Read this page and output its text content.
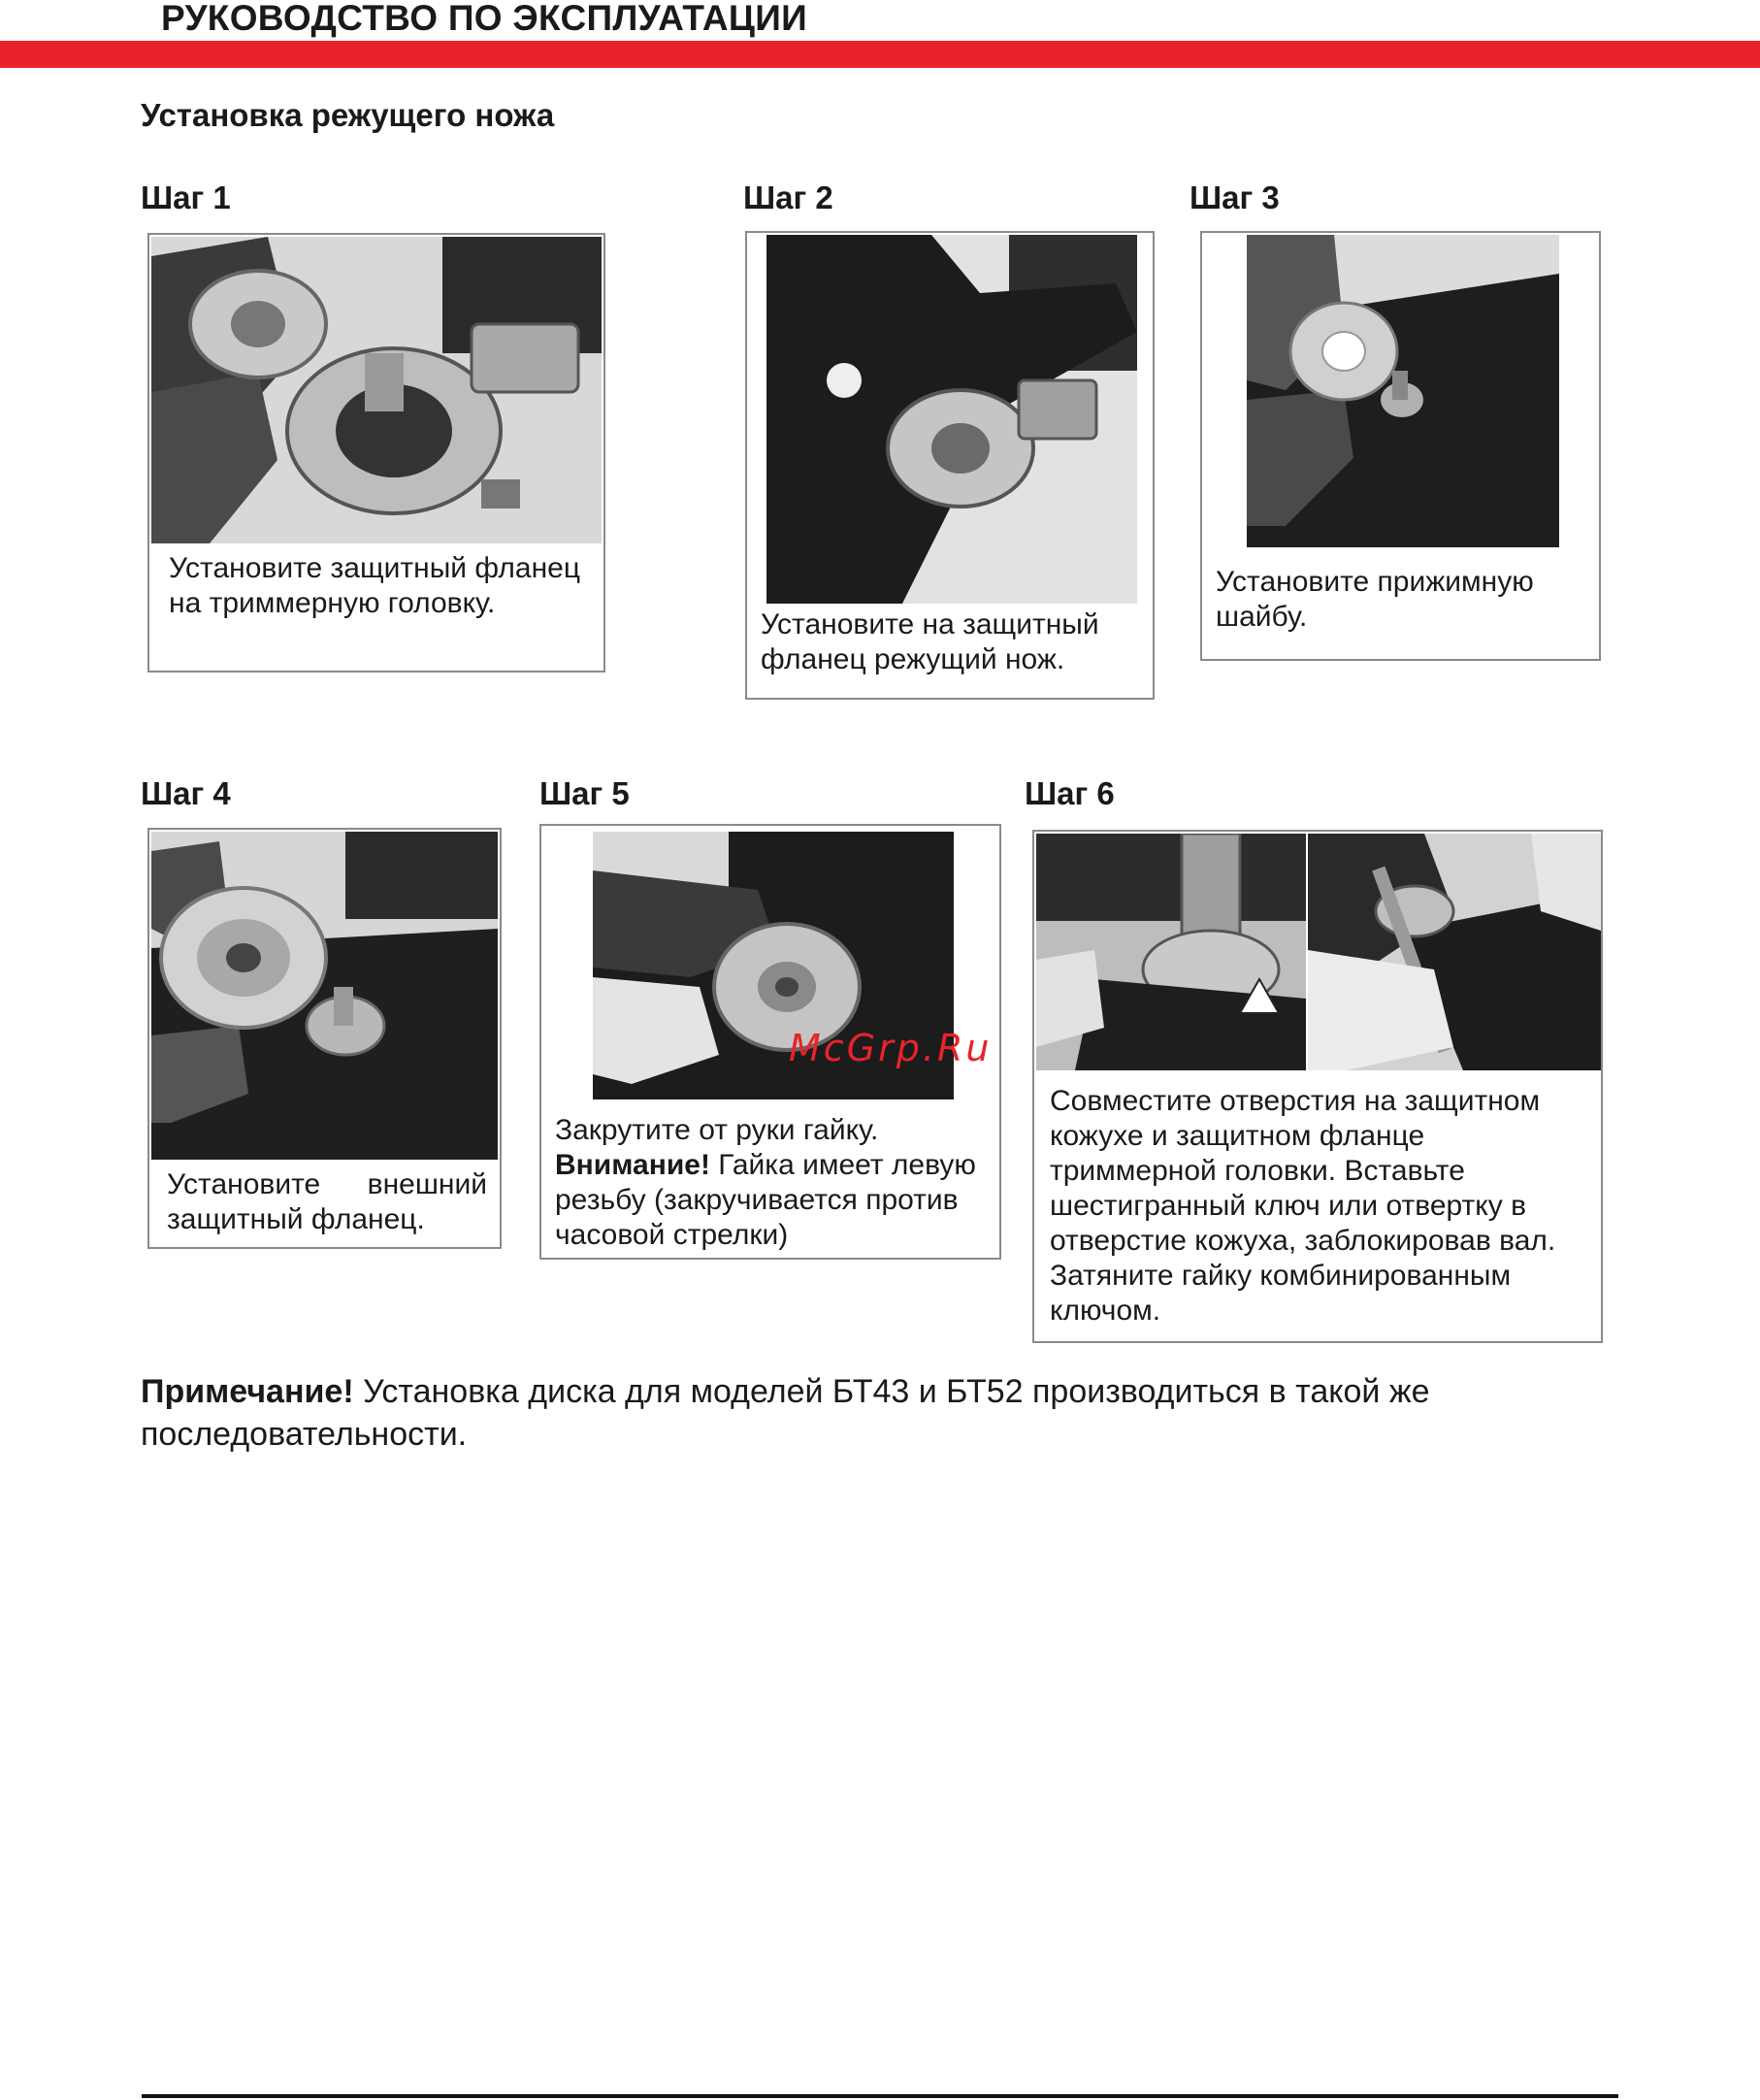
РУКОВОДСТВО ПО ЭКСПЛУАТАЦИИ
Установка режущего ножа
Шаг 1
Установите защитный фланец на триммерную головку.
Шаг 2
Установите на защитный фланец режущий нож.
Шаг 3
Установите прижимную шайбу.
Шаг 4
Установите внешний защитный фланец.
Шаг 5
Закрутите от руки гайку.
Внимание! Гайка имеет левую резьбу (закручивается против часовой стрелки)
McGrp.Ru
Шаг 6
Совместите отверстия на защитном кожухе и защитном фланце триммерной головки. Вставьте шестигранный ключ или отвертку в отверстие кожуха, заблокировав вал. Затяните гайку комбинированным ключом.
Примечание! Установка диска для моделей БТ43 и БТ52 производиться в такой же последовательности.
